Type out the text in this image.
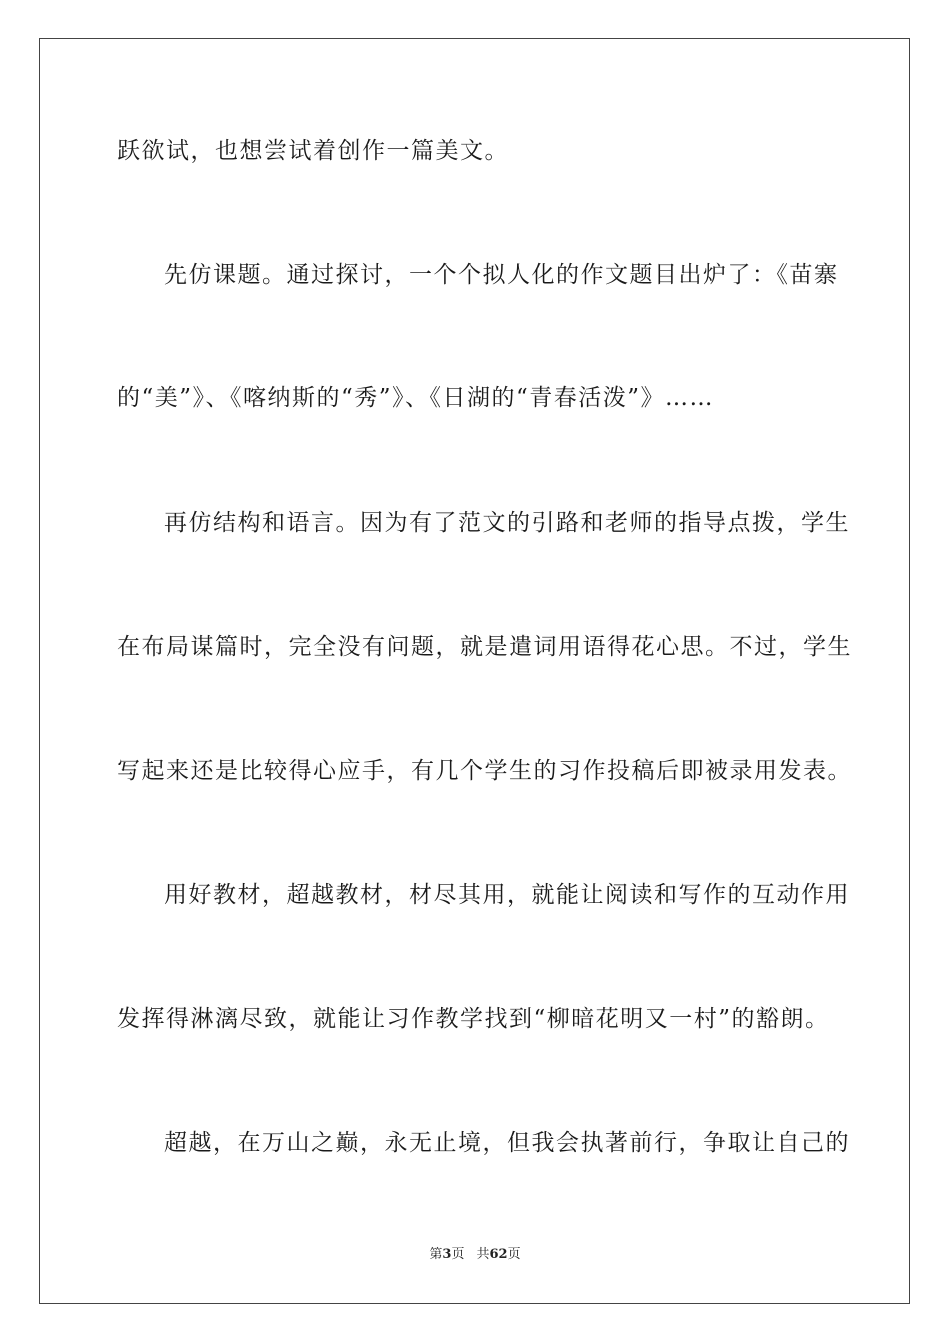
跃欲试，也想尝试着创作一篇美文。
先仿课题。通过探讨，一个个拟人化的作文题目出炉了：《苗寨
的“美”》、《喀纳斯的“秀”》、《日湖的“青春活泼”》……
再仿结构和语言。因为有了范文的引路和老师的指导点拨，学生
在布局谋篇时，完全没有问题，就是遣词用语得花心思。不过，学生
写起来还是比较得心应手，有几个学生的习作投稿后即被录用发表。
用好教材，超越教材，材尽其用，就能让阅读和写作的互动作用
发挥得淋漓尽致，就能让习作教学找到“柳暗花明又一村”的豁朗。
超越，在万山之巅，永无止境，但我会执著前行，争取让自己的
第3页 共62页
